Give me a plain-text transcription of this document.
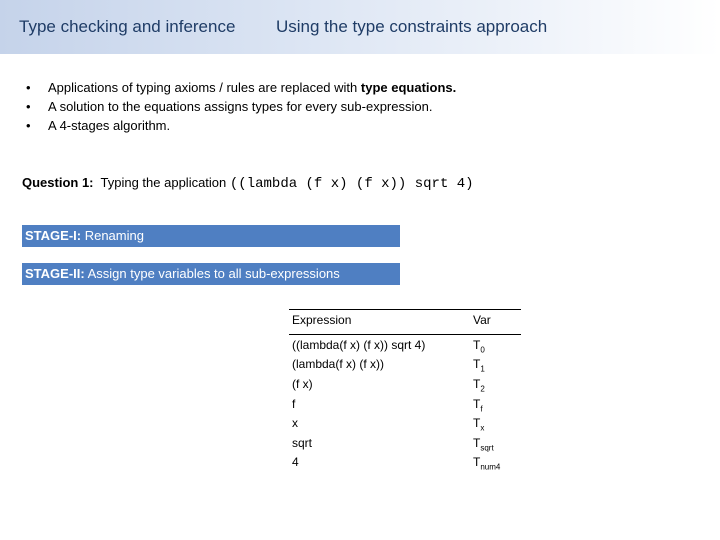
Type checking and inference Using the type constraints approach
• Applications of typing axioms / rules are replaced with type equations.
• A solution to the equations assigns types for every sub-expression.
• A 4-stages algorithm.
Question 1: Typing the application ((lambda (f x) (f x)) sqrt 4)
STAGE-I: Renaming
STAGE-II: Assign type variables to all sub-expressions
Expression	Var
((lambda(f x) (f x)) sqrt 4)
(lambda(f x) (f x))
(f x)
f
x
sqrt
4
$T_0$
$T_1$
$T_2$
$T_f$
$T_x$
$T_{sqrt}$
$T_{num4}$
